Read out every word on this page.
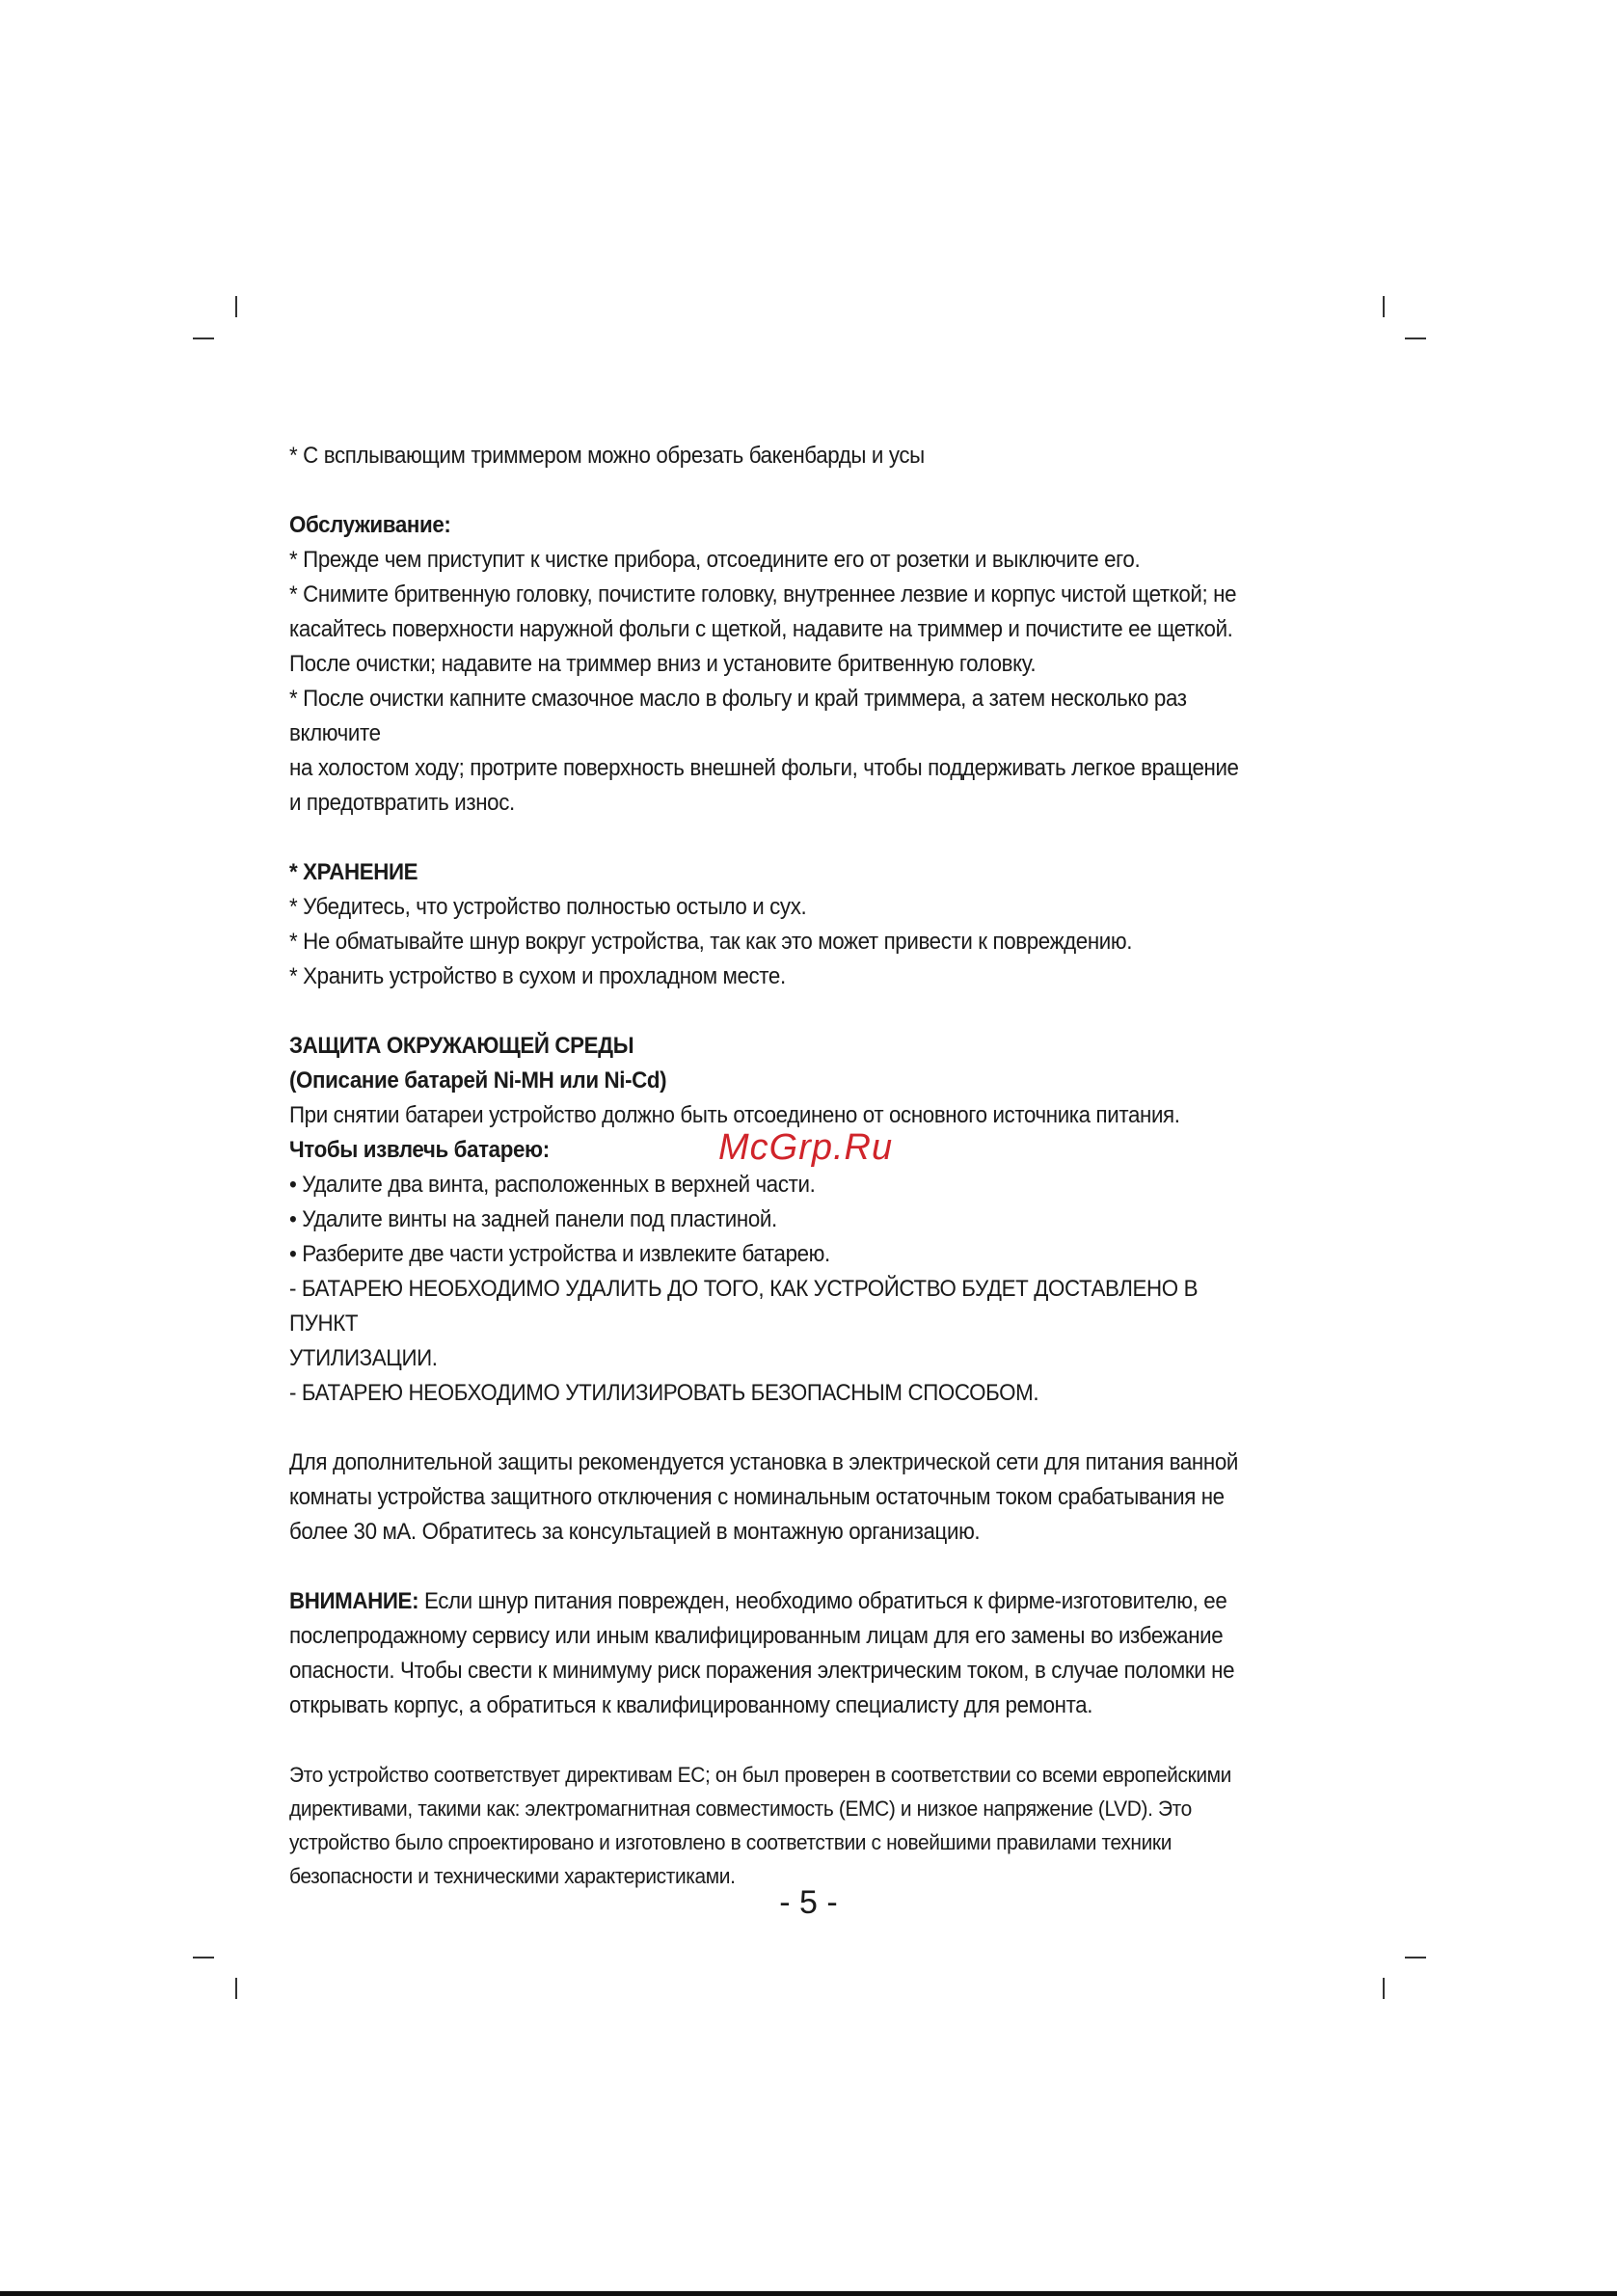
* С всплывающим триммером можно обрезать бакенбарды и усы

Обслуживание:

* Прежде чем приступит к чистке прибора, отсоедините его от розетки и выключите его.

* Снимите бритвенную головку, почистите головку, внутреннее лезвие и корпус чистой щеткой; не

касайтесь поверхности наружной фольги с щеткой, надавите на триммер и почистите ее щеткой.

После очистки; надавите на триммер вниз и установите бритвенную головку.

* После очистки капните смазочное масло в фольгу и край триммера, а затем несколько раз включите

на холостом ходу; протрите поверхность внешней фольги, чтобы поддерживать легкое вращение

и предотвратить износ.

* ХРАНЕНИЕ

* Убедитесь, что устройство полностью остыло и сух.

* Не обматывайте шнур вокруг устройства, так как это может привести к повреждению.

* Хранить устройство в сухом и прохладном месте.

ЗАЩИТА ОКРУЖАЮЩЕЙ СРЕДЫ

(Описание батарей Ni-MH или Ni-Cd)

При снятии батареи устройство должно быть отсоединено от основного источника питания.

Чтобы извлечь батарею:

• Удалите два винта, расположенных в верхней части.

• Удалите винты на задней панели под пластиной.

• Разберите две части устройства и извлеките батарею.

- БАТАРЕЮ НЕОБХОДИМО УДАЛИТЬ ДО ТОГО, КАК УСТРОЙСТВО БУДЕТ ДОСТАВЛЕНО В ПУНКТ

УТИЛИЗАЦИИ.

- БАТАРЕЮ НЕОБХОДИМО УТИЛИЗИРОВАТЬ БЕЗОПАСНЫМ СПОСОБОМ.

Для дополнительной защиты рекомендуется установка в электрической сети для питания ванной

комнаты устройства защитного отключения с номинальным остаточным током срабатывания не

более 30 мА. Обратитесь за консультацией в монтажную организацию.

ВНИМАНИЕ: Если шнур питания поврежден, необходимо обратиться к фирме-изготовителю, ее

послепродажному сервису или иным квалифицированным лицам для его замены во избежание

опасности. Чтобы свести к минимуму риск поражения электрическим током, в случае поломки не

открывать корпус, а обратиться к квалифицированному специалисту для ремонта.

Это устройство соответствует директивам ЕС; он был проверен в соответствии со всеми европейскими

директивами, такими как: электромагнитная совместимость (EMC) и низкое напряжение (LVD). Это

устройство было спроектировано и изготовлено в соответствии с новейшими правилами техники

безопасности и техническими характеристиками.

McGrp.Ru
- 5 -
